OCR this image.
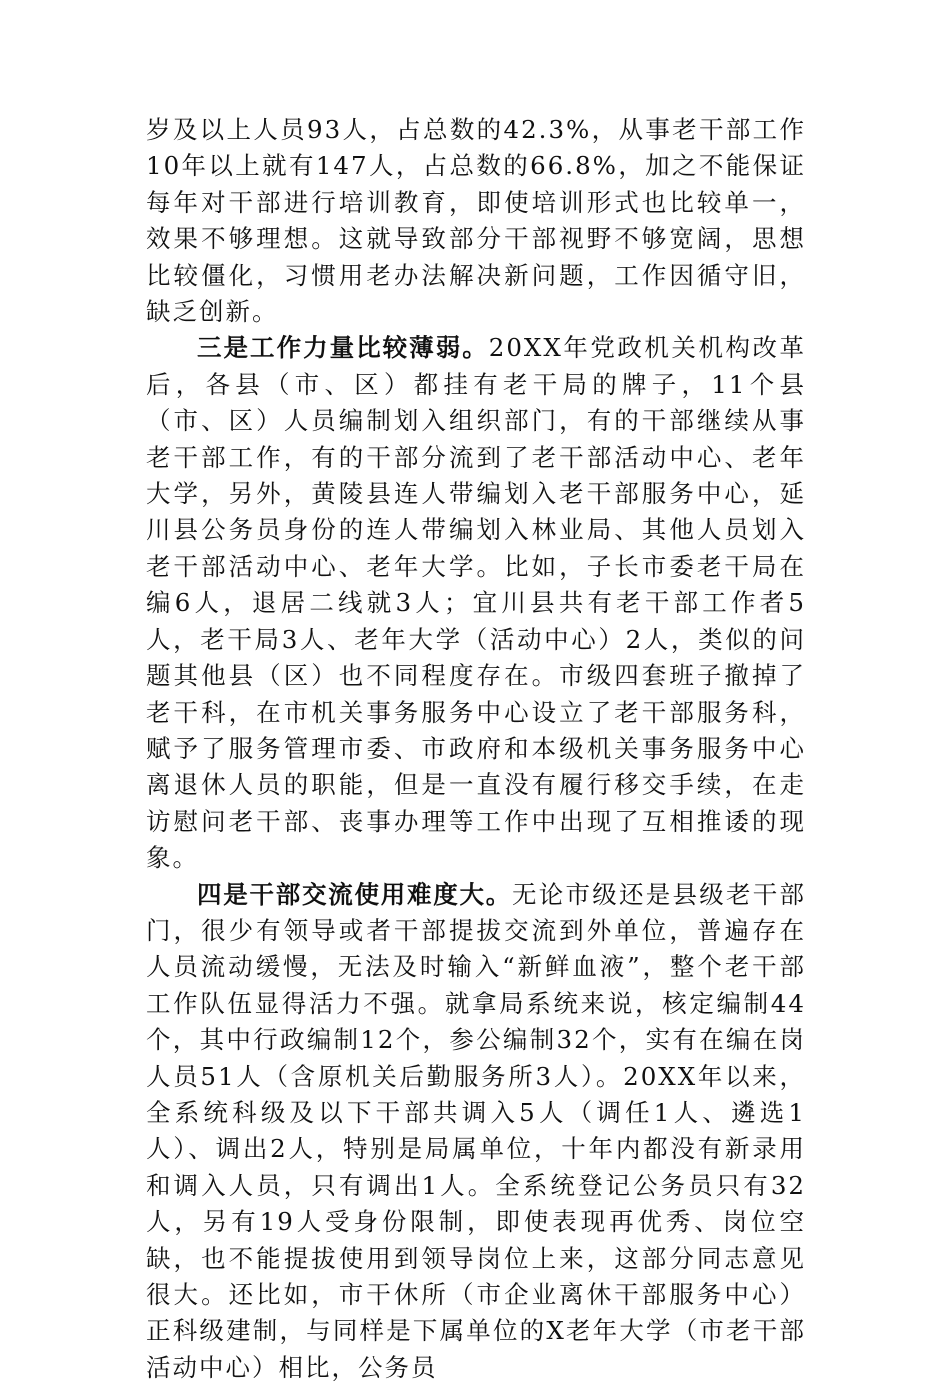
岁及以上人员93人，占总数的42.3%，从事老干部工作10年以上就有147人，占总数的66.8%，加之不能保证每年对干部进行培训教育，即使培训形式也比较单一，效果不够理想。这就导致部分干部视野不够宽阔，思想比较僵化，习惯用老办法解决新问题，工作因循守旧，缺乏创新。

三是工作力量比较薄弱。20XX年党政机关机构改革后，各县（市、区）都挂有老干局的牌子，11个县（市、区）人员编制划入组织部门，有的干部继续从事老干部工作，有的干部分流到了老干部活动中心、老年大学，另外，黄陵县连人带编划入老干部服务中心，延川县公务员身份的连人带编划入林业局、其他人员划入老干部活动中心、老年大学。比如，子长市委老干局在编6人，退居二线就3人；宜川县共有老干部工作者5人，老干局3人、老年大学（活动中心）2人，类似的问题其他县（区）也不同程度存在。市级四套班子撤掉了老干科，在市机关事务服务中心设立了老干部服务科，赋予了服务管理市委、市政府和本级机关事务服务中心离退休人员的职能，但是一直没有履行移交手续，在走访慰问老干部、丧事办理等工作中出现了互相推诿的现象。

四是干部交流使用难度大。无论市级还是县级老干部门，很少有领导或者干部提拔交流到外单位，普遍存在人员流动缓慢，无法及时输入“新鲜血液”，整个老干部工作队伍显得活力不强。就拿局系统来说，核定编制44个，其中行政编制12个，参公编制32个，实有在编在岗人员51人（含原机关后勤服务所3人）。20XX年以来，全系统科级及以下干部共调入5人（调任1人、遴选1人）、调出2人，特别是局属单位，十年内都没有新录用和调入人员，只有调出1人。全系统登记公务员只有32人，另有19人受身份限制，即使表现再优秀、岗位空缺，也不能提拔使用到领导岗位上来，这部分同志意见很大。还比如，市干休所（市企业离休干部服务中心）正科级建制，与同样是下属单位的X老年大学（市老干部活动中心）相比，公务员
